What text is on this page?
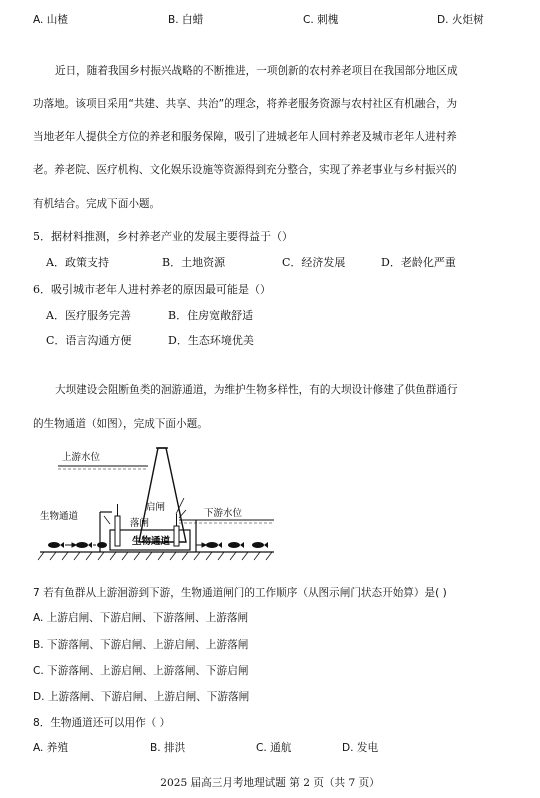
A. 山楂	B. 白蜡	C. 刺槐	D. 火炬树
近日，随着我国乡村振兴战略的不断推进，一项创新的农村养老项目在我国部分地区成
功落地。该项目采用“共建、共享、共治”的理念，将养老服务资源与农村社区有机融合，为
当地老年人提供全方位的养老和服务保障，吸引了进城老年人回村养老及城市老年人进村养
老。养老院、医疗机构、文化娱乐设施等资源得到充分整合，实现了养老事业与乡村振兴的
有机结合。完成下面小题。
5．据材料推测，乡村养老产业的发展主要得益于（）
A．政策支持	B．土地资源	C．经济发展	D．老龄化严重
6．吸引城市老年人进村养老的原因最可能是（）
A．医疗服务完善	B．住房宽敞舒适
C．语言沟通方便	D．生态环境优美
大坝建设会阻断鱼类的洄游通道，为维护生物多样性，有的大坝设计修建了供鱼群通行
的生物通道（如图），完成下面小题。
上游水位
下游水位
生物通道
启闸
落闸
生物通道
7 若有鱼群从上游洄游到下游，生物通道闸门的工作顺序（从图示闸门状态开始算）是( )
A. 上游启闸、下游启闸、下游落闸、上游落闸
B. 下游落闸、下游启闸、上游启闸、上游落闸
C. 下游落闸、上游启闸、上游落闸、下游启闸
D. 上游落闸、下游启闸、上游启闸、下游落闸
8．生物通道还可以用作（ ）
A. 养殖	B. 排洪	C. 通航	D. 发电
2025 届高三月考地理试题 第 2 页（共 7 页）
